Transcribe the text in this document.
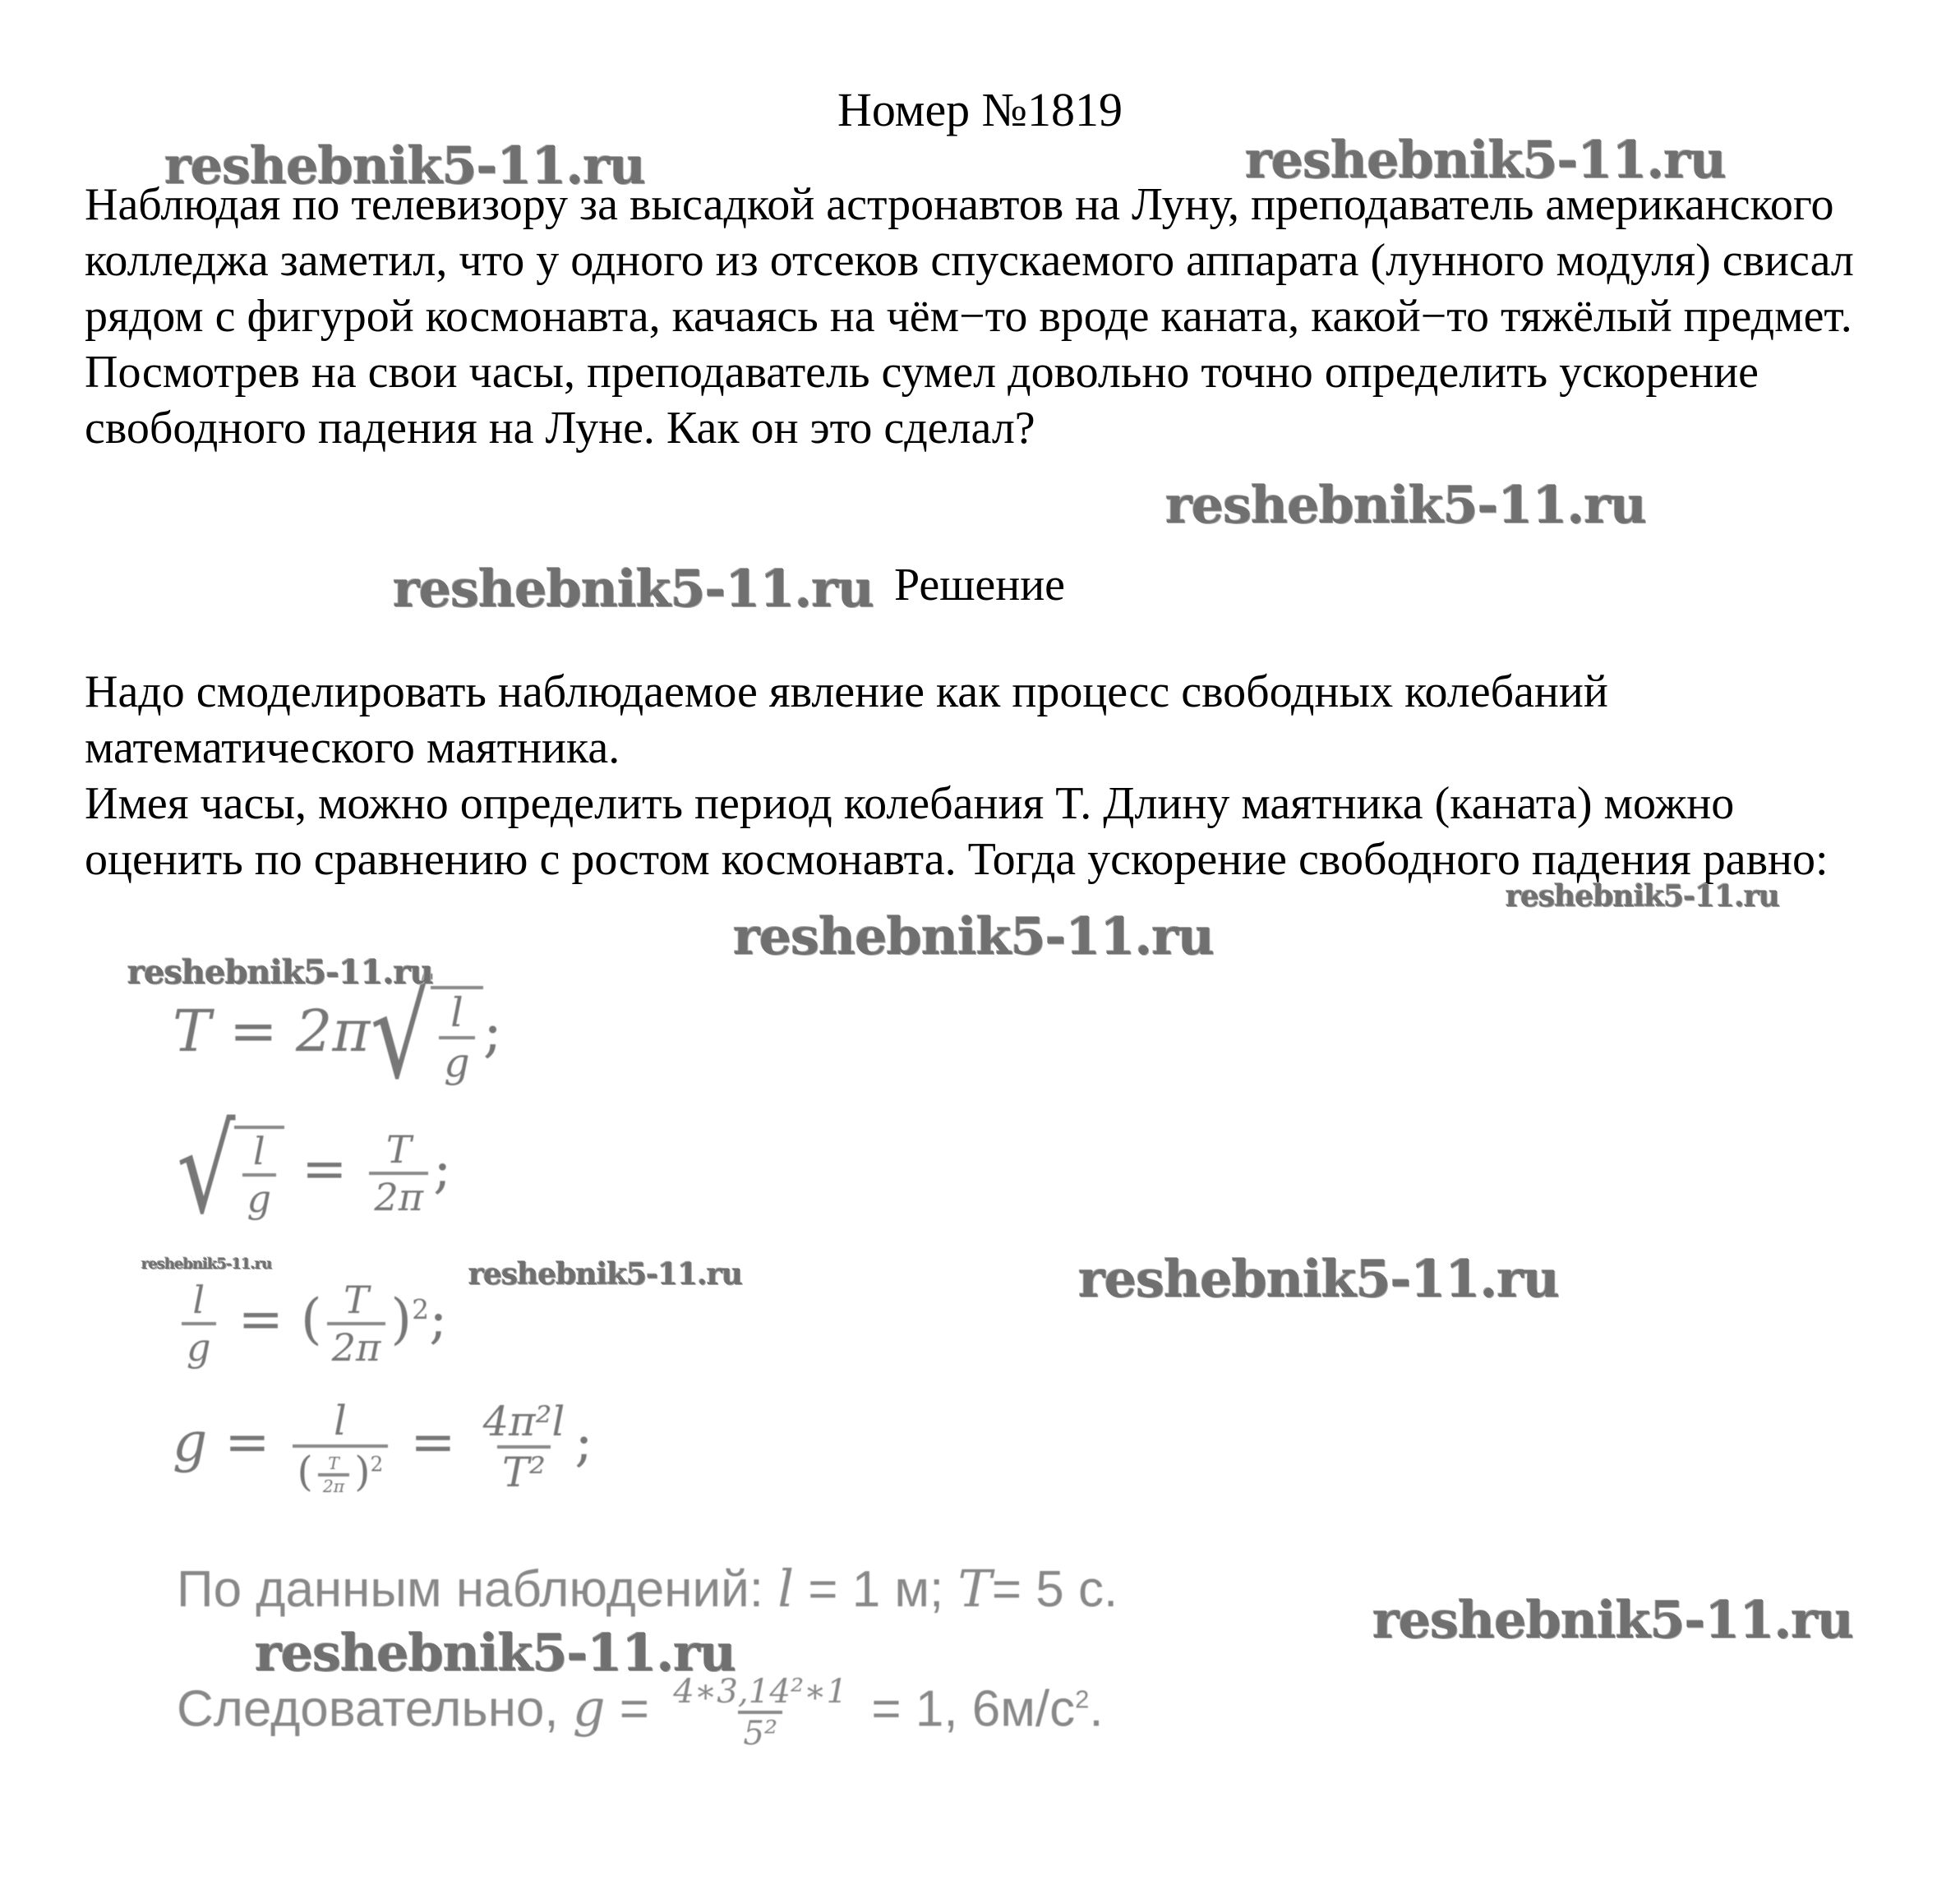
Номер №1819
Наблюдая по телевизору за высадкой астронавтов на Луну, преподаватель американского колледжа заметил, что у одного из отсеков спускаемого аппарата (лунного модуля) свисал рядом с фигурой космонавта, качаясь на чём−то вроде каната, какой−то тяжёлый предмет. Посмотрев на свои часы, преподаватель сумел довольно точно определить ускорение свободного падения на Луне. Как он это сделал?
Решение

Надо смоделировать наблюдаемое явление как процесс свободных колебаний математического маятника.

Имея часы, можно определить период колебания T. Длину маятника (каната) можно оценить по сравнению с ростом космонавта. Тогда ускорение свободного падения равно:

T = 2π √ $\frac{l}{g}$ ;
√ $\frac{l}{g} = \frac{T}{2\pi}$ ;
$\frac{l}{g}$ = ( $\frac{T}{2\pi} )^2$;
$g = \frac{l}{( \frac{T}{2\pi} )^2} = \frac{\text{4π²l}}{\text{T²}}$ ;
По данным наблюдений: l = 1 м; T= 5 с.
Следовательно, $g = \frac{\text{4∗3,14²∗1}}{\text{5²}} = 1$, $6м/с^2$.
reshebnik5-11.ru	reshebnik5-11.ru
reshebnik5-11.ru
reshebnik5-11.ru
reshebnik5-11.ru
reshebnik5-11.ru
reshebnik5-11.ru
reshebnik5-11.ru	reshebnik5-11.ru	reshebnik5-11.ru
reshebnik5-11.ru
reshebnik5-11.ru
